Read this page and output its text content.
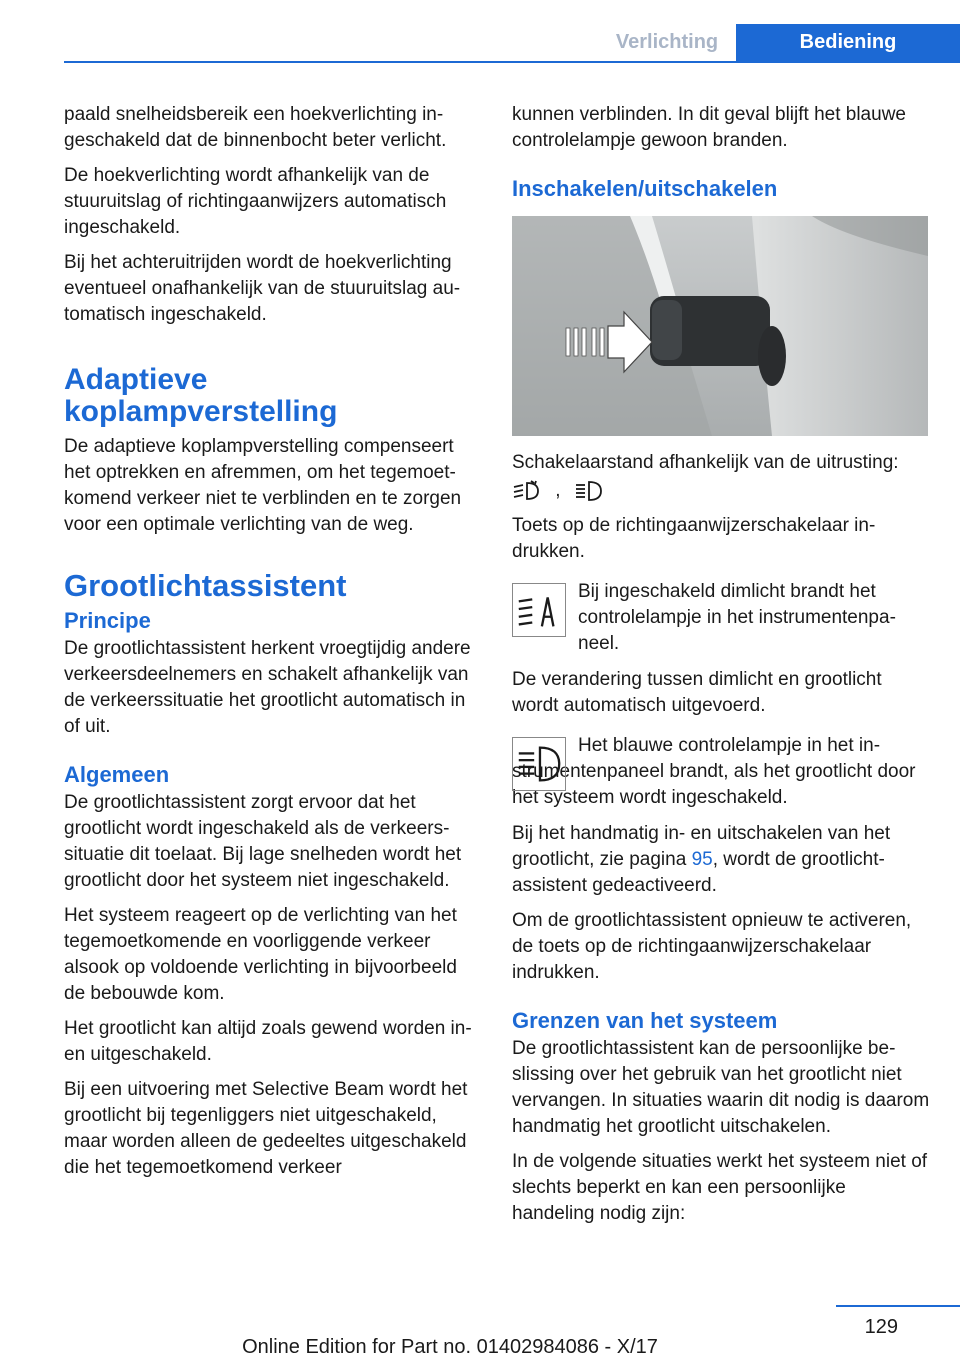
Verlichting	Bediening

paald snelheidsbereik een hoekverlichting ingeschakeld dat de binnenbocht beter verlicht.

De hoekverlichting wordt afhankelijk van de stuuruitslag of richtingaanwijzers automatisch ingeschakeld.

Bij het achteruitrijden wordt de hoekverlichting eventueel onafhankelijk van de stuuruitslag automatisch ingeschakeld.

Adaptieve koplampverstelling

De adaptieve koplampverstelling compenseert het optrekken en afremmen, om het tegemoetkomend verkeer niet te verblinden en te zorgen voor een optimale verlichting van de weg.

Grootlichtassistent
Principe

De grootlichtassistent herkent vroegtijdig andere verkeersdeelnemers en schakelt afhankelijk van de verkeerssituatie het grootlicht automatisch in of uit.

Algemeen

De grootlichtassistent zorgt ervoor dat het grootlicht wordt ingeschakeld als de verkeerssituatie dit toelaat. Bij lage snelheden wordt het grootlicht door het systeem niet ingeschakeld.

Het systeem reageert op de verlichting van het tegemoetkomende en voorliggende verkeer alsook op voldoende verlichting in bijvoorbeeld de bebouwde kom.

Het grootlicht kan altijd zoals gewend worden in- en uitgeschakeld.

Bij een uitvoering met Selective Beam wordt het grootlicht bij tegenliggers niet uitgeschakeld, maar worden alleen de gedeeltes uitgeschakeld die het tegemoetkomend verkeer

kunnen verblinden. In dit geval blijft het blauwe controlelampje gewoon branden.

Inschakelen/uitschakelen

Schakelaarstand afhankelijk van de uitrusting:

,

Toets op de richtingaanwijzerschakelaar indrukken.

Bij ingeschakeld dimlicht brandt het controlelampje in het instrumentenpaneel.

De verandering tussen dimlicht en grootlicht wordt automatisch uitgevoerd.

Het blauwe controlelampje in het instrumentenpaneel brandt, als het grootlicht door het systeem wordt ingeschakeld.

Bij het handmatig in- en uitschakelen van het grootlicht, zie pagina 95, wordt de grootlichtassistent gedeactiveerd.

Om de grootlichtassistent opnieuw te activeren, de toets op de richtingaanwijzerschakelaar indrukken.

Grenzen van het systeem

De grootlichtassistent kan de persoonlijke beslissing over het gebruik van het grootlicht niet vervangen. In situaties waarin dit nodig is daarom handmatig het grootlicht uitschakelen.

In de volgende situaties werkt het systeem niet of slechts beperkt en kan een persoonlijke handeling nodig zijn:

129
Online Edition for Part no. 01402984086 - X/17
